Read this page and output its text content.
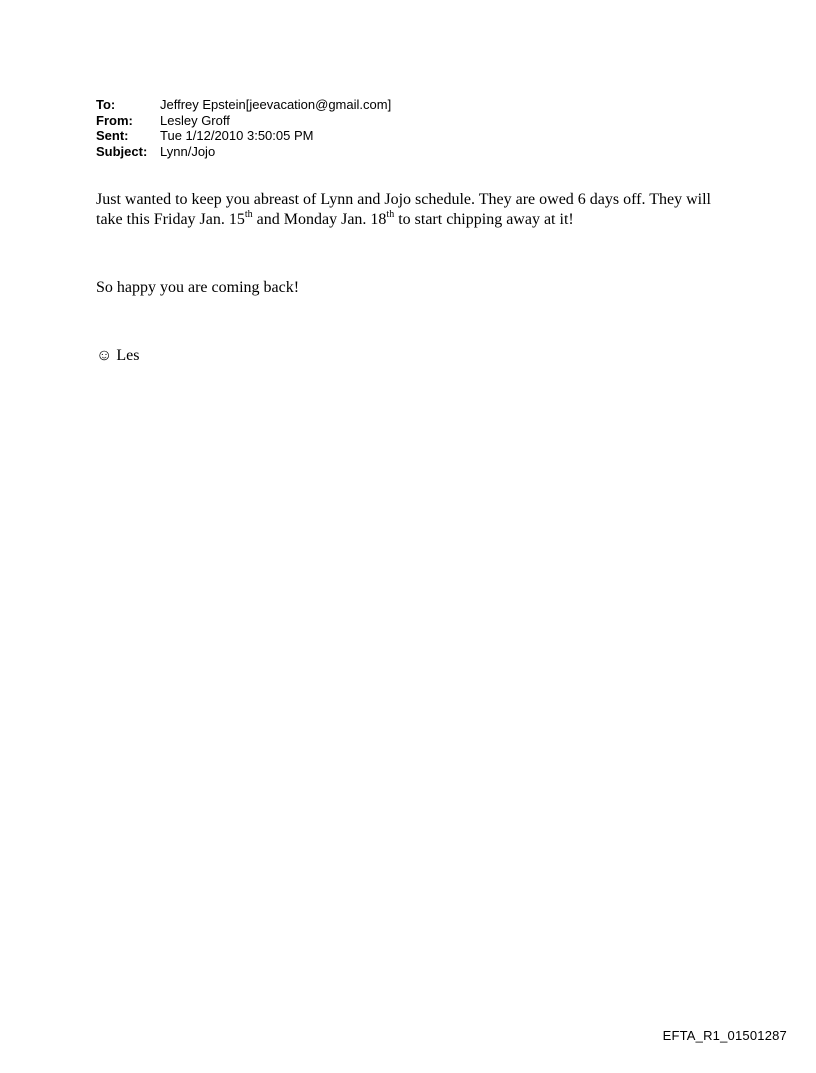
To:	Jeffrey Epstein[jeevacation@gmail.com]
From:	Lesley Groff
Sent:	Tue 1/12/2010 3:50:05 PM
Subject: Lynn/Jojo
Just wanted to keep you abreast of Lynn and Jojo schedule. They are owed 6 days off. They will take this Friday Jan. 15th and Monday Jan. 18th to start chipping away at it!
So happy you are coming back!
☺ Les
EFTA_R1_01501287
